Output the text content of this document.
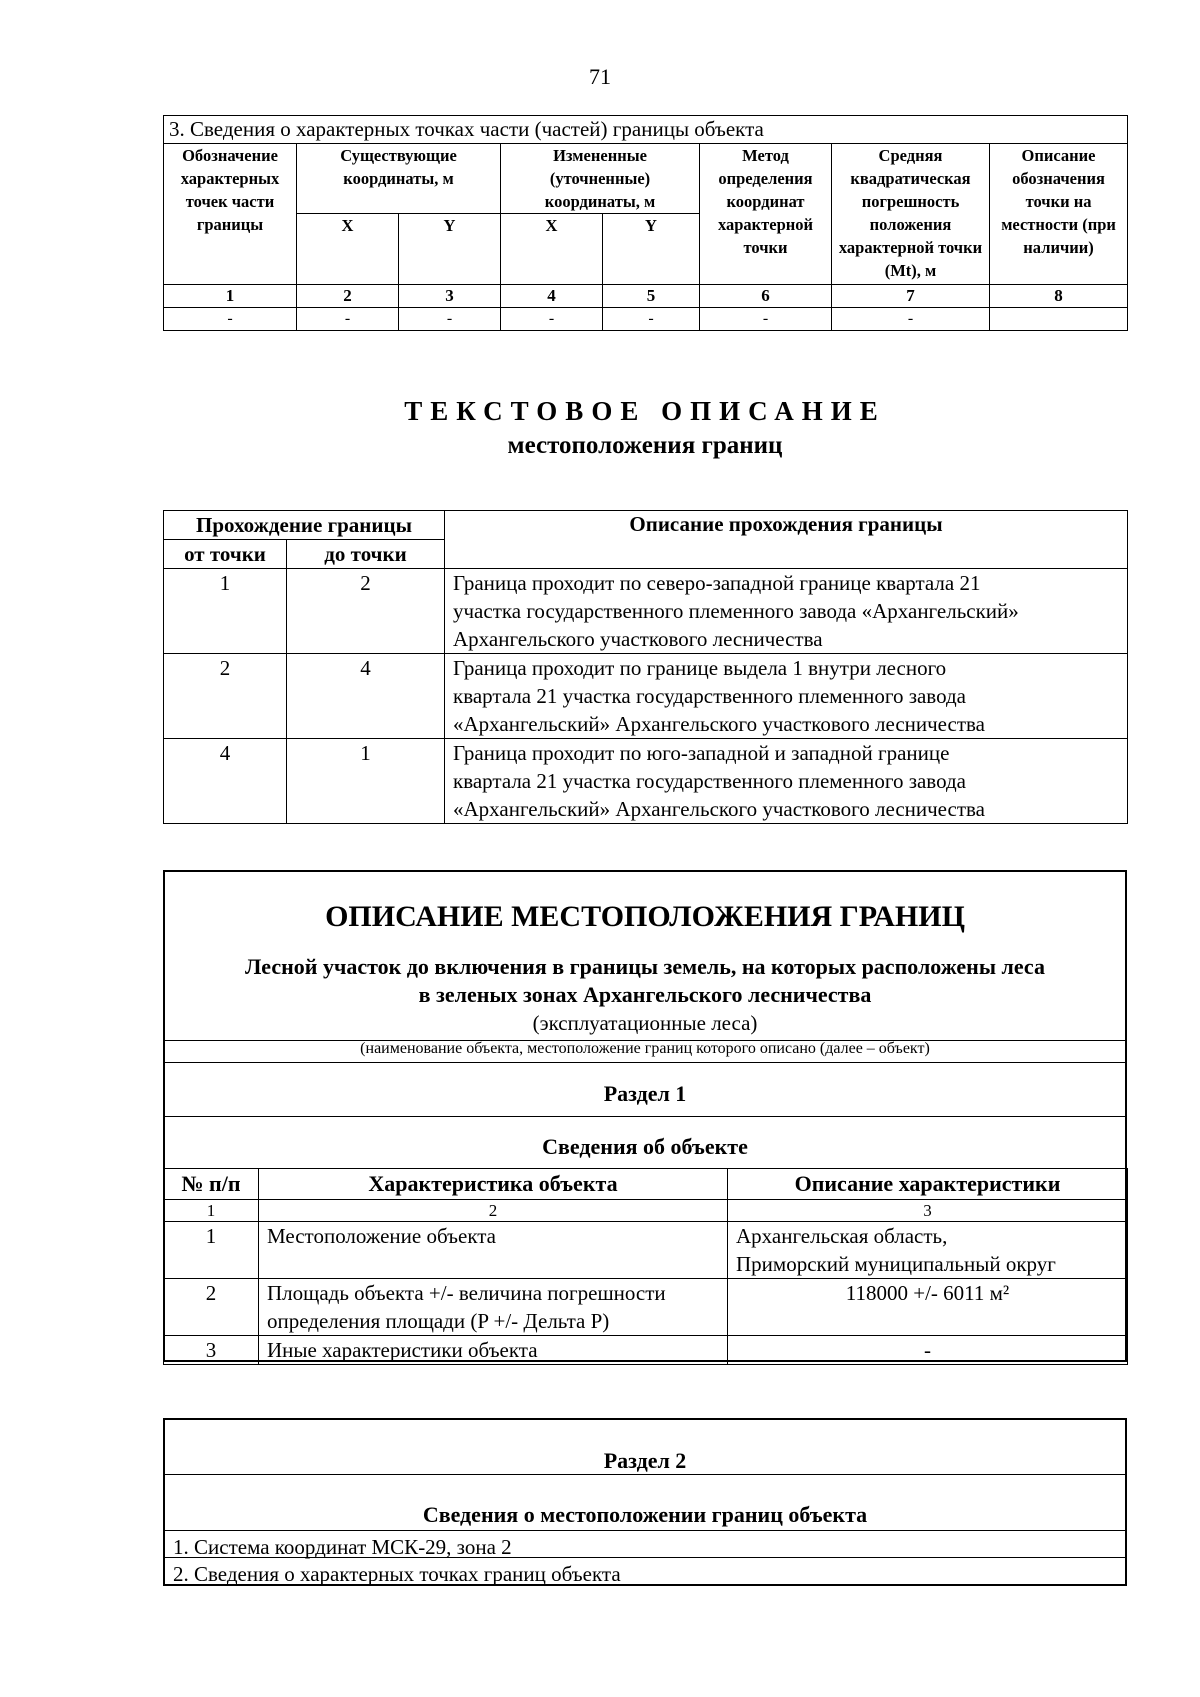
71
3. Сведения о характерных точках части (частей) границы объекта							
Обозначение характерных точек части границы	Существующие координаты, м		Измененные (уточненные) координаты, м		Метод определения координат характерной точки	Средняя квадратическая погрешность положения характерной точки (Mt), м	Описание обозначения точки на местности (при наличии)
	X	Y	X	Y			
1	2	3	4	5	6	7	8
-	-	-	-	-	-	-	
ТЕКСТОВОЕ ОПИСАНИЕ
местоположения границ
Прохождение границы		Описание прохождения границы
от точки	до точки	
1	2	Граница проходит по северо-западной границе квартала 21
участка государственного племенного завода «Архангельский»
Архангельского участкового лесничества

2	4	Граница проходит по границе выдела 1 внутри лесного
квартала 21 участка государственного племенного завода
«Архангельский» Архангельского участкового лесничества

4	1	Граница проходит по юго-западной и западной границе
квартала 21 участка государственного племенного завода
«Архангельский» Архангельского участкового лесничества
ОПИСАНИЕ МЕСТОПОЛОЖЕНИЯ ГРАНИЦ
Лесной участок до включения в границы земель, на которых расположены леса
в зеленых зонах Архангельского лесничества
(эксплуатационные леса)
(наименование объекта, местоположение границ которого описано (далее – объект)
Раздел 1
Сведения об объекте
№ п/п	Характеристика объекта	Описание характеристики
1	2	3
1	Местоположение объекта	Архангельская область,
Приморский муниципальный округ

2	Площадь объекта +/- величина погрешности
определения площади (P +/- Дельта P)	118000 +/- 6011 м²

3	Иные характеристики объекта	-
Раздел 2
Сведения о местоположении границ объекта
1. Система координат МСК-29, зона 2
2. Сведения о характерных точках границ объекта
